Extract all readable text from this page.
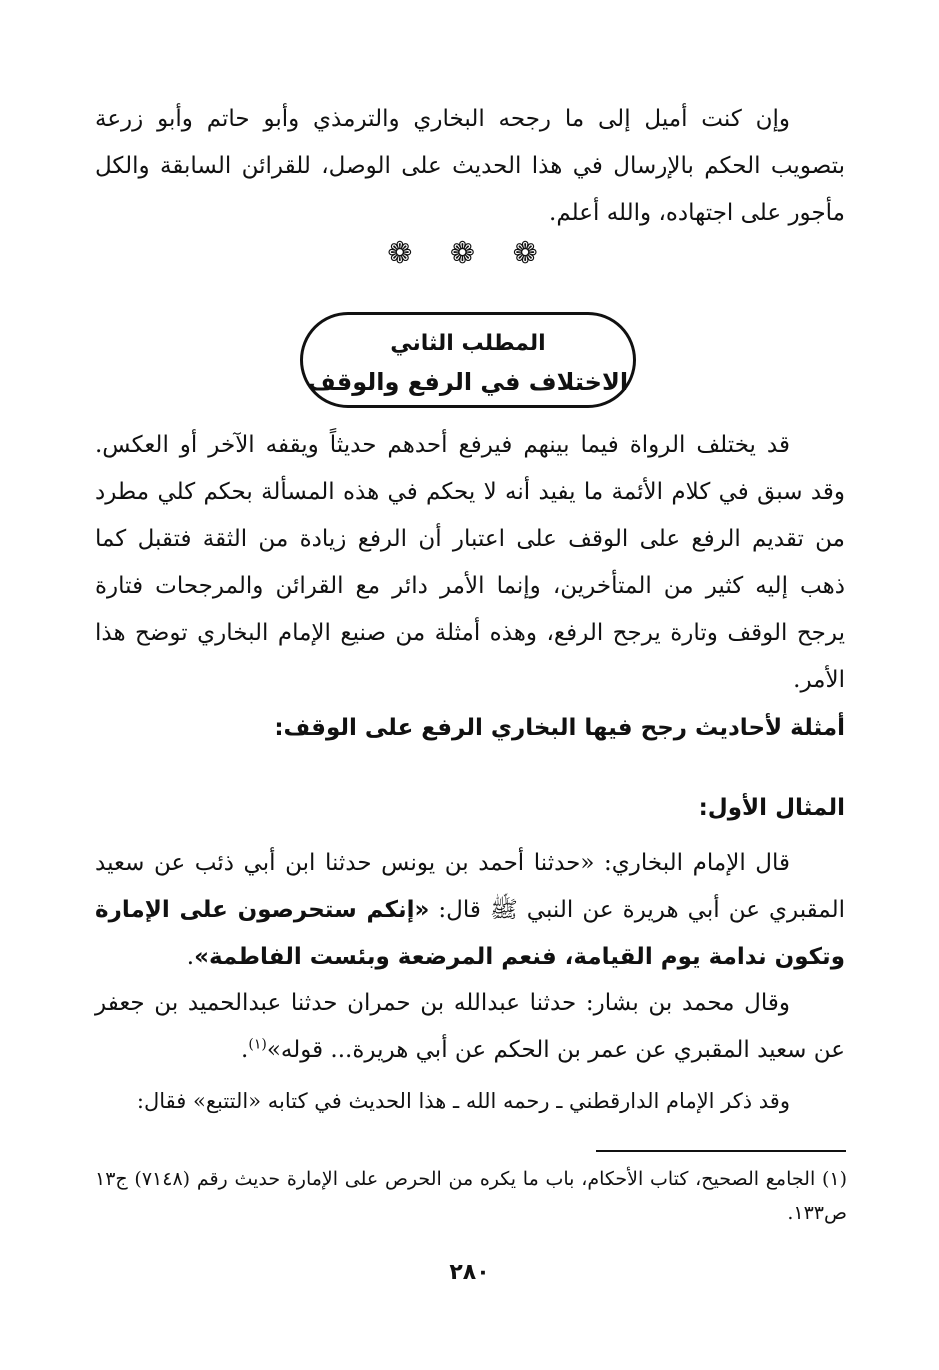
وإن كنت أميل إلى ما رجحه البخاري والترمذي وأبو حاتم وأبو زرعة بتصويب الحكم بالإرسال في هذا الحديث على الوصل، للقرائن السابقة والكل مأجور على اجتهاده، والله أعلم.

❁ ❁ ❁
المطلب الثاني
الاختلاف في الرفع والوقف

قد يختلف الرواة فيما بينهم فيرفع أحدهم حديثاً ويقفه الآخر أو العكس. وقد سبق في كلام الأئمة ما يفيد أنه لا يحكم في هذه المسألة بحكم كلي مطرد من تقديم الرفع على الوقف على اعتبار أن الرفع زيادة من الثقة فتقبل كما ذهب إليه كثير من المتأخرين، وإنما الأمر دائر مع القرائن والمرجحات فتارة يرجح الوقف وتارة يرجح الرفع، وهذه أمثلة من صنيع الإمام البخاري توضح هذا الأمر.

أمثلة لأحاديث رجح فيها البخاري الرفع على الوقف:
المثال الأول:

قال الإمام البخاري: «حدثنا أحمد بن يونس حدثنا ابن أبي ذئب عن سعيد المقبري عن أبي هريرة عن النبي ﷺ قال: «إنكم ستحرصون على الإمارة وتكون ندامة يوم القيامة، فنعم المرضعة وبئست الفاطمة».

وقال محمد بن بشار: حدثنا عبدالله بن حمران حدثنا عبدالحميد بن جعفر عن سعيد المقبري عن عمر بن الحكم عن أبي هريرة... قوله»$^{(١)}$.

وقد ذكر الإمام الدارقطني ـ رحمه الله ـ هذا الحديث في كتابه «التتبع» فقال:

(١) الجامع الصحيح، كتاب الأحكام، باب ما يكره من الحرص على الإمارة حديث رقم (٧١٤٨) ج١٣ ص١٣٣.
٢٨٠
